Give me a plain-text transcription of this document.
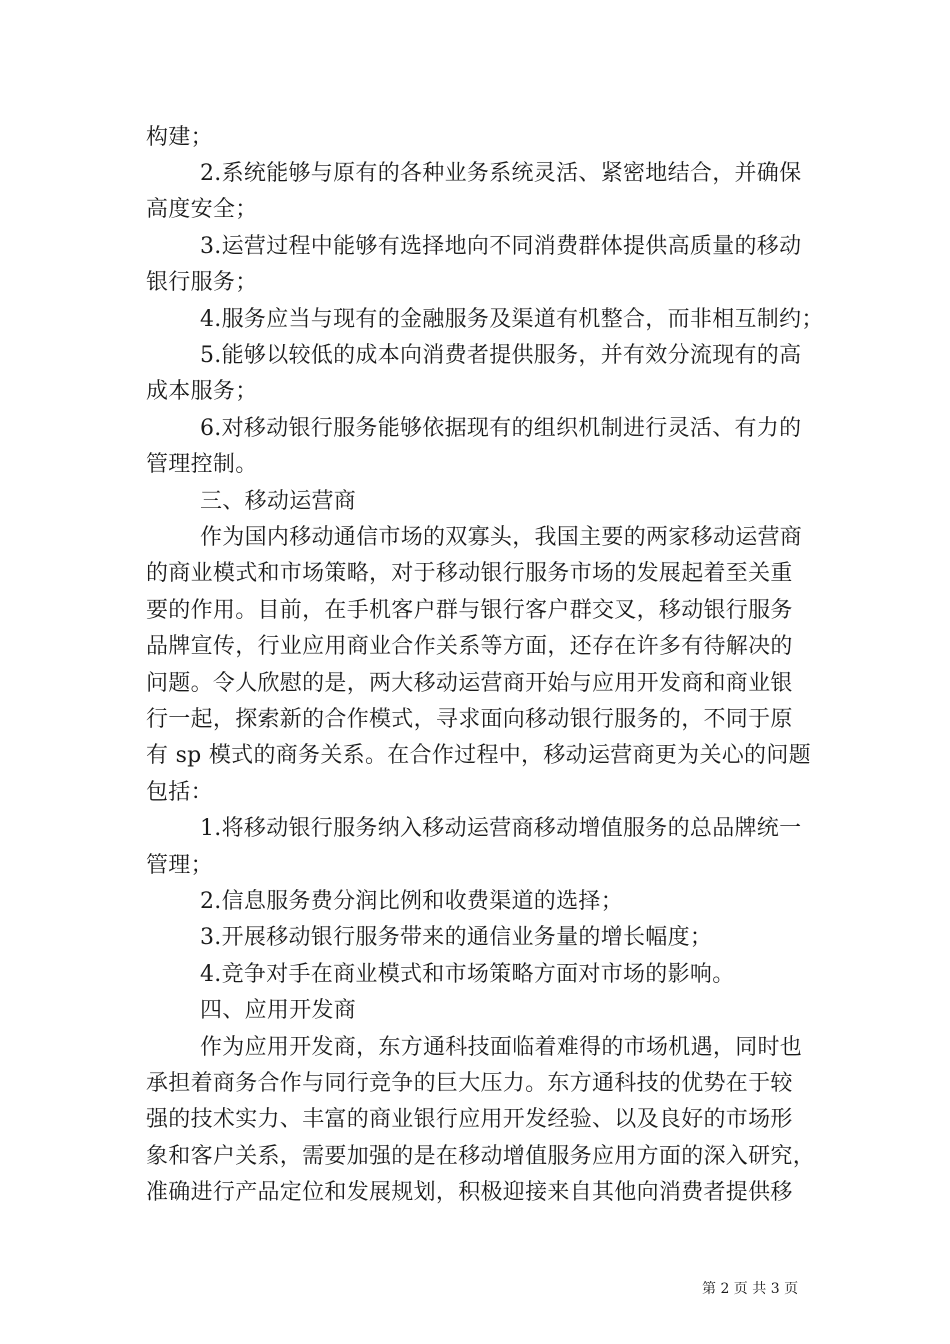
构建；
2.系统能够与原有的各种业务系统灵活、紧密地结合，并确保
高度安全；
3.运营过程中能够有选择地向不同消费群体提供高质量的移动
银行服务；
4.服务应当与现有的金融服务及渠道有机整合，而非相互制约；
5.能够以较低的成本向消费者提供服务，并有效分流现有的高
成本服务；
6.对移动银行服务能够依据现有的组织机制进行灵活、有力的
管理控制。
三、移动运营商
作为国内移动通信市场的双寡头，我国主要的两家移动运营商
的商业模式和市场策略，对于移动银行服务市场的发展起着至关重
要的作用。目前，在手机客户群与银行客户群交叉，移动银行服务
品牌宣传，行业应用商业合作关系等方面，还存在许多有待解决的
问题。令人欣慰的是，两大移动运营商开始与应用开发商和商业银
行一起，探索新的合作模式，寻求面向移动银行服务的，不同于原
有 sp 模式的商务关系。在合作过程中，移动运营商更为关心的问题
包括：
1.将移动银行服务纳入移动运营商移动增值服务的总品牌统一
管理；
2.信息服务费分润比例和收费渠道的选择；
3.开展移动银行服务带来的通信业务量的增长幅度；
4.竞争对手在商业模式和市场策略方面对市场的影响。
四、应用开发商
作为应用开发商，东方通科技面临着难得的市场机遇，同时也
承担着商务合作与同行竞争的巨大压力。东方通科技的优势在于较
强的技术实力、丰富的商业银行应用开发经验、以及良好的市场形
象和客户关系，需要加强的是在移动增值服务应用方面的深入研究，
准确进行产品定位和发展规划，积极迎接来自其他向消费者提供移
第 2 页 共 3 页
